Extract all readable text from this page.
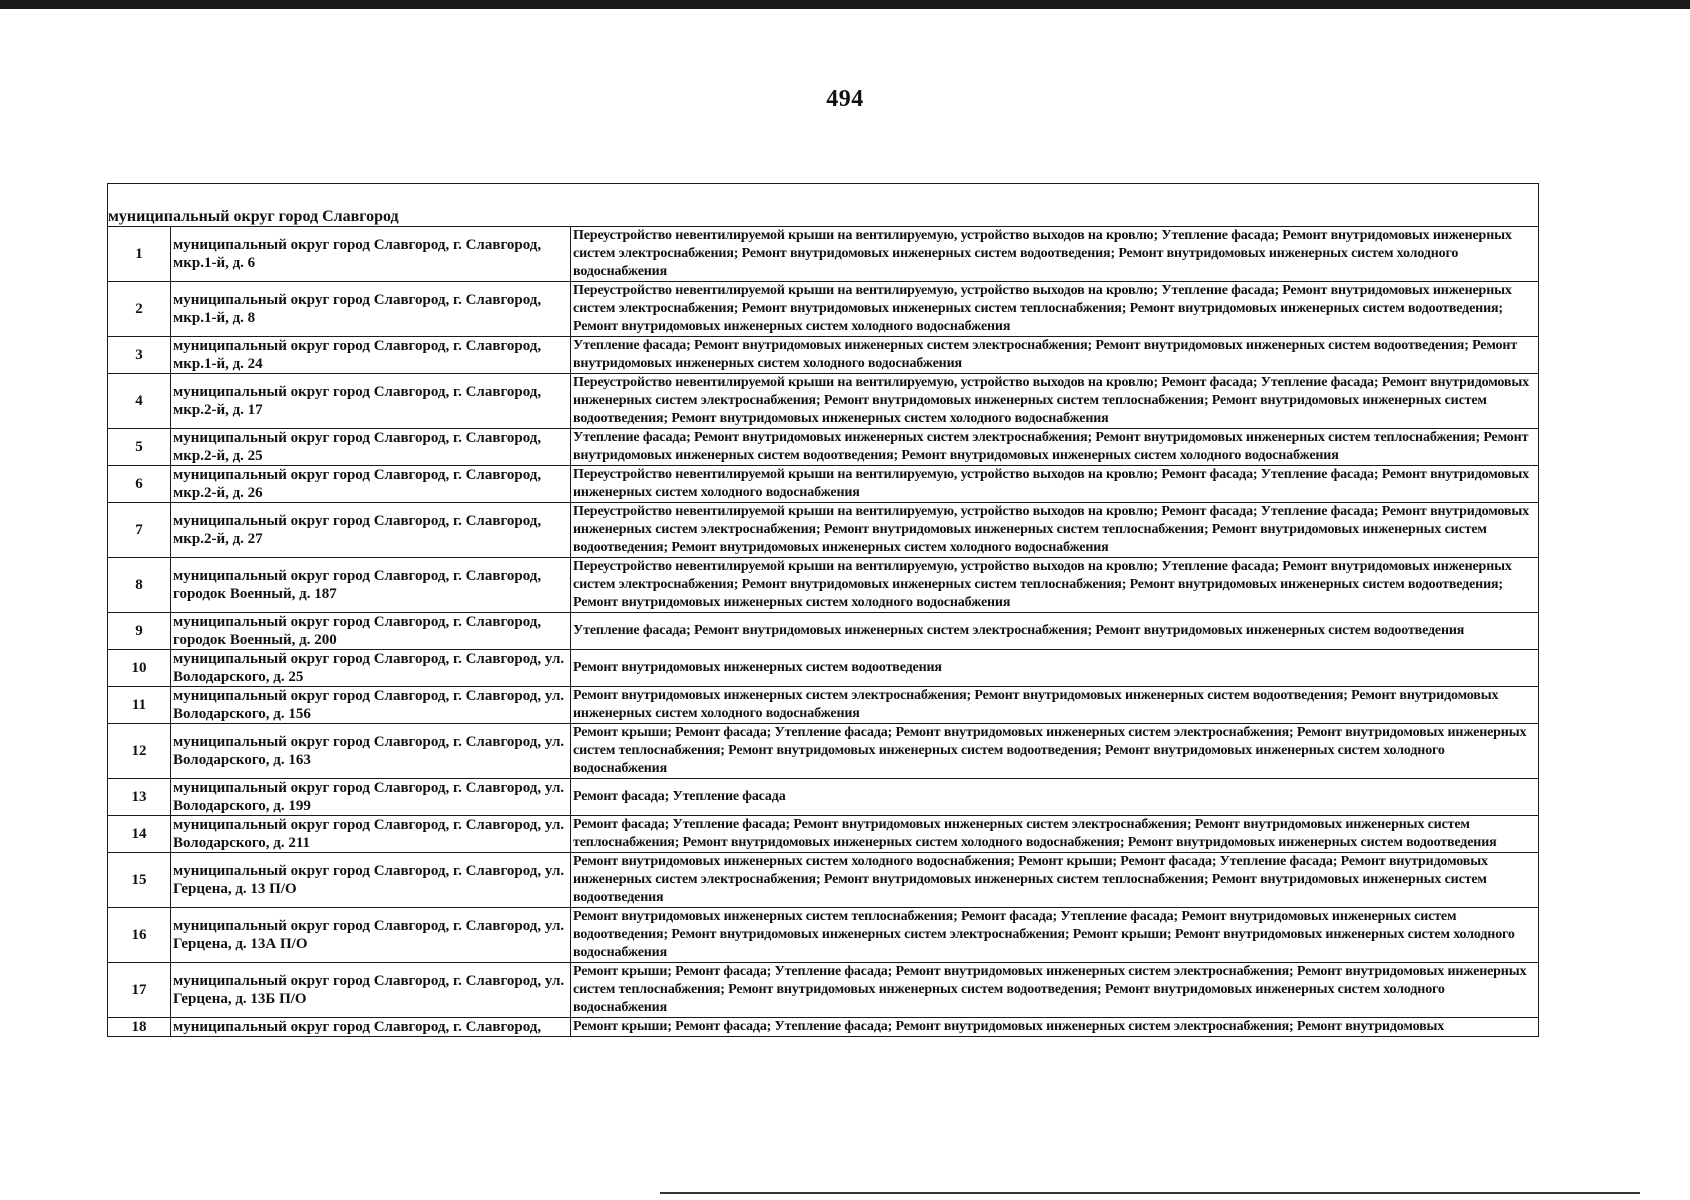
494
муниципальный округ город Славгород		
1	муниципальный округ город Славгород, г. Славгород, мкр.1-й, д. 6	Переустройство невентилируемой крыши на вентилируемую, устройство выходов на кровлю; Утепление фасада; Ремонт внутридомовых инженерных систем электроснабжения; Ремонт внутридомовых инженерных систем водоотведения; Ремонт внутридомовых инженерных систем холодного водоснабжения
2	муниципальный округ город Славгород, г. Славгород, мкр.1-й, д. 8	Переустройство невентилируемой крыши на вентилируемую, устройство выходов на кровлю; Утепление фасада; Ремонт внутридомовых инженерных систем электроснабжения; Ремонт внутридомовых инженерных систем теплоснабжения; Ремонт внутридомовых инженерных систем водоотведения; Ремонт внутридомовых инженерных систем холодного водоснабжения
3	муниципальный округ город Славгород, г. Славгород, мкр.1-й, д. 24	Утепление фасада; Ремонт внутридомовых инженерных систем электроснабжения; Ремонт внутридомовых инженерных систем водоотведения; Ремонт внутридомовых инженерных систем холодного водоснабжения
4	муниципальный округ город Славгород, г. Славгород, мкр.2-й, д. 17	Переустройство невентилируемой крыши на вентилируемую, устройство выходов на кровлю; Ремонт фасада; Утепление фасада; Ремонт внутридомовых инженерных систем электроснабжения; Ремонт внутридомовых инженерных систем теплоснабжения; Ремонт внутридомовых инженерных систем водоотведения; Ремонт внутридомовых инженерных систем холодного водоснабжения
5	муниципальный округ город Славгород, г. Славгород, мкр.2-й, д. 25	Утепление фасада; Ремонт внутридомовых инженерных систем электроснабжения; Ремонт внутридомовых инженерных систем теплоснабжения; Ремонт внутридомовых инженерных систем водоотведения; Ремонт внутридомовых инженерных систем холодного водоснабжения
6	муниципальный округ город Славгород, г. Славгород, мкр.2-й, д. 26	Переустройство невентилируемой крыши на вентилируемую, устройство выходов на кровлю; Ремонт фасада; Утепление фасада; Ремонт внутридомовых инженерных систем холодного водоснабжения
7	муниципальный округ город Славгород, г. Славгород, мкр.2-й, д. 27	Переустройство невентилируемой крыши на вентилируемую, устройство выходов на кровлю; Ремонт фасада; Утепление фасада; Ремонт внутридомовых инженерных систем электроснабжения; Ремонт внутридомовых инженерных систем теплоснабжения; Ремонт внутридомовых инженерных систем водоотведения; Ремонт внутридомовых инженерных систем холодного водоснабжения
8	муниципальный округ город Славгород, г. Славгород, городок Военный, д. 187	Переустройство невентилируемой крыши на вентилируемую, устройство выходов на кровлю; Утепление фасада; Ремонт внутридомовых инженерных систем электроснабжения; Ремонт внутридомовых инженерных систем теплоснабжения; Ремонт внутридомовых инженерных систем водоотведения; Ремонт внутридомовых инженерных систем холодного водоснабжения
9	муниципальный округ город Славгород, г. Славгород, городок Военный, д. 200	Утепление фасада; Ремонт внутридомовых инженерных систем электроснабжения; Ремонт внутридомовых инженерных систем водоотведения
10	муниципальный округ город Славгород, г. Славгород, ул. Володарского, д. 25	Ремонт внутридомовых инженерных систем водоотведения
11	муниципальный округ город Славгород, г. Славгород, ул. Володарского, д. 156	Ремонт внутридомовых инженерных систем электроснабжения; Ремонт внутридомовых инженерных систем водоотведения; Ремонт внутридомовых инженерных систем холодного водоснабжения
12	муниципальный округ город Славгород, г. Славгород, ул. Володарского, д. 163	Ремонт крыши; Ремонт фасада; Утепление фасада; Ремонт внутридомовых инженерных систем электроснабжения; Ремонт внутридомовых инженерных систем теплоснабжения; Ремонт внутридомовых инженерных систем водоотведения; Ремонт внутридомовых инженерных систем холодного водоснабжения
13	муниципальный округ город Славгород, г. Славгород, ул. Володарского, д. 199	Ремонт фасада; Утепление фасада
14	муниципальный округ город Славгород, г. Славгород, ул. Володарского, д. 211	Ремонт фасада; Утепление фасада; Ремонт внутридомовых инженерных систем электроснабжения; Ремонт внутридомовых инженерных систем теплоснабжения; Ремонт внутридомовых инженерных систем холодного водоснабжения; Ремонт внутридомовых инженерных систем водоотведения
15	муниципальный округ город Славгород, г. Славгород, ул. Герцена, д. 13 П/О	Ремонт внутридомовых инженерных систем холодного водоснабжения; Ремонт крыши; Ремонт фасада; Утепление фасада; Ремонт внутридомовых инженерных систем электроснабжения; Ремонт внутридомовых инженерных систем теплоснабжения; Ремонт внутридомовых инженерных систем водоотведения
16	муниципальный округ город Славгород, г. Славгород, ул. Герцена, д. 13А П/О	Ремонт внутридомовых инженерных систем теплоснабжения; Ремонт фасада; Утепление фасада; Ремонт внутридомовых инженерных систем водоотведения; Ремонт внутридомовых инженерных систем электроснабжения; Ремонт крыши; Ремонт внутридомовых инженерных систем холодного водоснабжения
17	муниципальный округ город Славгород, г. Славгород, ул. Герцена, д. 13Б П/О	Ремонт крыши; Ремонт фасада; Утепление фасада; Ремонт внутридомовых инженерных систем электроснабжения; Ремонт внутридомовых инженерных систем теплоснабжения; Ремонт внутридомовых инженерных систем водоотведения; Ремонт внутридомовых инженерных систем холодного водоснабжения
18	муниципальный округ город Славгород, г. Славгород,	Ремонт крыши; Ремонт фасада; Утепление фасада; Ремонт внутридомовых инженерных систем электроснабжения; Ремонт внутридомовых
